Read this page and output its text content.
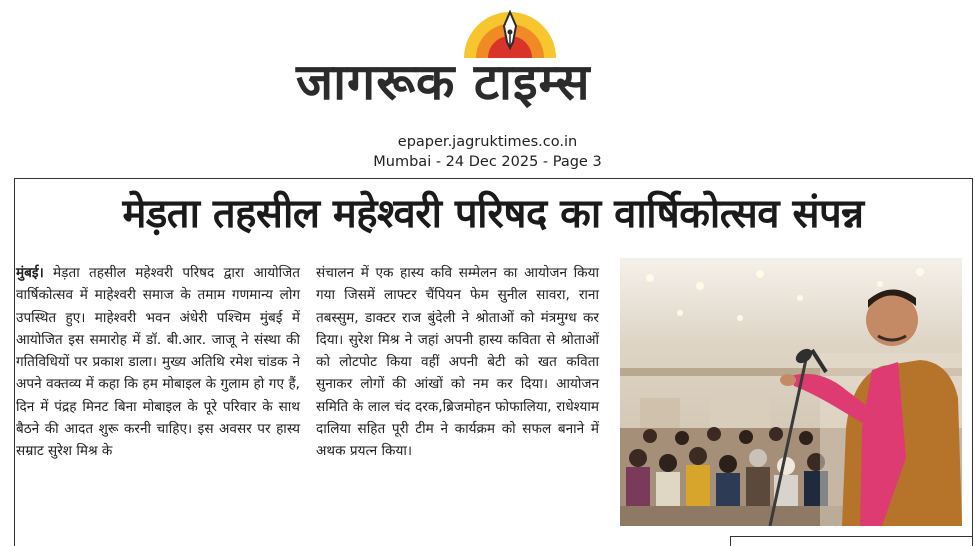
जागरूक टाइम्स
epaper.jagruktimes.co.in
Mumbai - 24 Dec 2025 - Page 3
मेड़ता तहसील महेश्वरी परिषद का वार्षिकोत्सव संपन्न
मुंबई। मेड़ता तहसील महेश्वरी परिषद द्वारा आयोजित वार्षिकोत्सव में माहेश्वरी समाज के तमाम गणमान्य लोग उपस्थित हुए। माहेश्वरी भवन अंधेरी पश्चिम मुंबई में आयोजित इस समारोह में डॉ. बी.आर. जाजू ने संस्था की गतिविधियों पर प्रकाश डाला। मुख्य अतिथि रमेश चांडक ने अपने वक्तव्य में कहा कि हम मोबाइल के गुलाम हो गए हैं, दिन में पंद्रह मिनट बिना मोबाइल के पूरे परिवार के साथ बैठने की आदत शुरू करनी चाहिए। इस अवसर पर हास्य सम्राट सुरेश मिश्र के
संचालन में एक हास्य कवि सम्मेलन का आयोजन किया गया जिसमें लाफ्टर चैंपियन फेम सुनील सावरा, राना तबस्सुम, डाक्टर राज बुंदेली ने श्रोताओं को मंत्रमुग्ध कर दिया। सुरेश मिश्र ने जहां अपनी हास्य कविता से श्रोताओं को लोटपोट किया वहीं अपनी बेटी को खत कविता सुनाकर लोगों की आंखों को नम कर दिया। आयोजन समिति के लाल चंद दरक,ब्रिजमोहन फोफालिया, राधेश्याम दालिया सहित पूरी टीम ने कार्यक्रम को सफल बनाने में अथक प्रयत्न किया।
